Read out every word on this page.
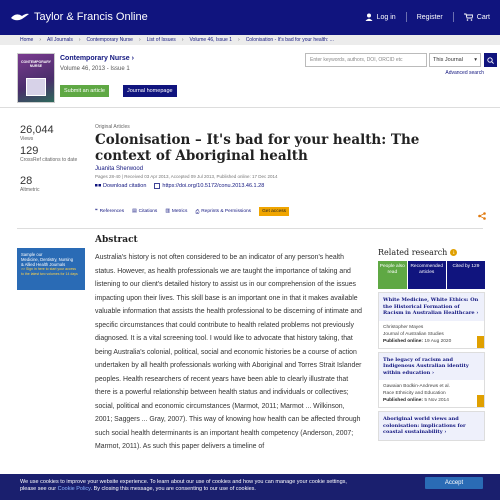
Taylor & Francis Online	Log in	Register	Cart
Home › All Journals › Contemporary Nurse › List of Issues › Volume 46, Issue 1 › Colonisation - It's bad for your health: ...
CONTEMPORARY NURSE
Contemporary Nurse ›
Volume 46, 2013 - Issue 1
Submit an article	Journal homepage
Enter keywords, authors, DOI, ORCID etc	This Journal ▾
Advanced search
26,044
Views
129
CrossRef citations to date
28
Altmetric
Original Articles
Colonisation – It's bad for your health: The context of Aboriginal health
Juanita Sherwood
Pages 28-40 | Received 03 Apr 2013, Accepted 09 Jul 2013, Published online: 17 Dec 2014
Download citation	https://doi.org/10.5172/conu.2013.46.1.28
❝ References ▤ Citations ▥ Metrics ⎙ Reprints & Permissions	Get access
Abstract
Sample our
Medicine, Dentistry, Nursing
& Allied Health Journals
>> Sign in here to start your access
to the latest two volumes for 14 days
Australia's history is not often considered to be an indicator of any person's health status. However, as health professionals we are taught the importance of taking and listening to our client's detailed history to assist us in our comprehension of the issues impacting upon their lives. This skill base is an important one in that it makes available valuable information that assists the health professional to be discerning of intimate and specific circumstances that could contribute to health related problems not previously diagnosed. It is a vital screening tool. I would like to advocate that history taking, that being Australia's colonial, political, social and economic histories be a course of action undertaken by all health professionals working with Aboriginal and Torres Strait Islander peoples. Health researchers of recent years have been able to clearly illustrate that there is a powerful relationship between health status and individuals or collectives; social, political and economic circumstances (Marmot, 2011; Marmot ... Wilkinson, 2001; Saggers ... Gray, 2007). This way of knowing how health can be affected through such social health determinants is an important health competency (Anderson, 2007; Marmot, 2011). As such this paper delivers a timeline of
Related research	i
People also read
Recommended articles
Cited by 129
White Medicine, White Ethics: On the Historical Formation of Racism in Australian Healthcare ›
Christopher Mayes
Journal of Australian Studies
Published online: 19 Aug 2020
The legacy of racism and Indigenous Australian identity within education ›
Gawaian Bodkin-Andrews et al.
Race Ethnicity and Education
Published online: 5 Nov 2014
Aboriginal world views and colonisation: implications for coastal sustainability ›
We use cookies to improve your website experience. To learn about our use of cookies and how you can manage your cookie settings,
please see our Cookie Policy. By closing this message, you are consenting to our use of cookies.
Accept
